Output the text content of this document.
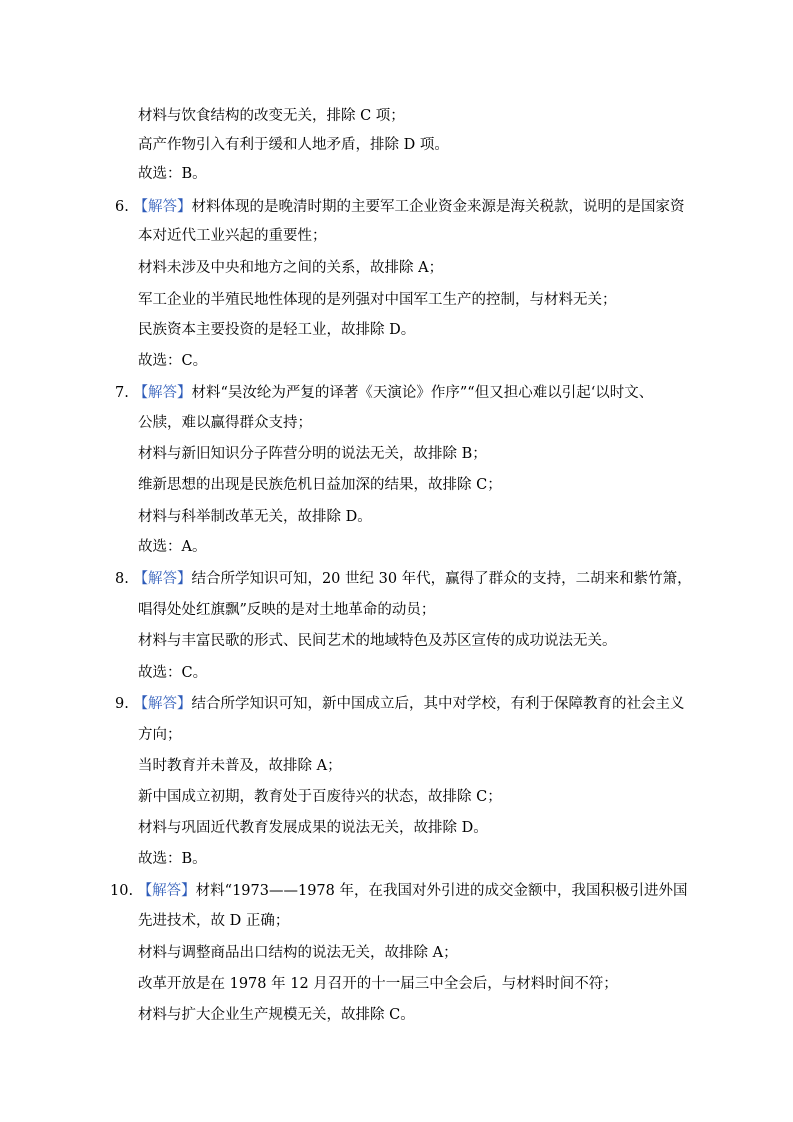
材料与饮食结构的改变无关，排除 C 项；
高产作物引入有利于缓和人地矛盾，排除 D 项。
故选：B。
6. 【解答】材料体现的是晚清时期的主要军工企业资金来源是海关税款，说明的是国家资
本对近代工业兴起的重要性；
材料未涉及中央和地方之间的关系，故排除 A；
军工企业的半殖民地性体现的是列强对中国军工生产的控制，与材料无关；
民族资本主要投资的是轻工业，故排除 D。
故选：C。
7. 【解答】材料“吴汝纶为严复的译著《天演论》作序”“但又担心难以引起‘以时文、
公牍，难以赢得群众支持；
材料与新旧知识分子阵营分明的说法无关，故排除 B；
维新思想的出现是民族危机日益加深的结果，故排除 C；
材料与科举制改革无关，故排除 D。
故选：A。
8. 【解答】结合所学知识可知，20 世纪 30 年代，赢得了群众的支持，二胡来和紫竹箫，
唱得处处红旗飘”反映的是对土地革命的动员；
材料与丰富民歌的形式、民间艺术的地域特色及苏区宣传的成功说法无关。
故选：C。
9. 【解答】结合所学知识可知，新中国成立后，其中对学校，有利于保障教育的社会主义
方向；
当时教育并未普及，故排除 A；
新中国成立初期，教育处于百废待兴的状态，故排除 C；
材料与巩固近代教育发展成果的说法无关，故排除 D。
故选：B。
10. 【解答】材料“1973——1978 年，在我国对外引进的成交金额中，我国积极引进外国
先进技术，故 D 正确；
材料与调整商品出口结构的说法无关，故排除 A；
改革开放是在 1978 年 12 月召开的十一届三中全会后，与材料时间不符；
材料与扩大企业生产规模无关，故排除 C。
